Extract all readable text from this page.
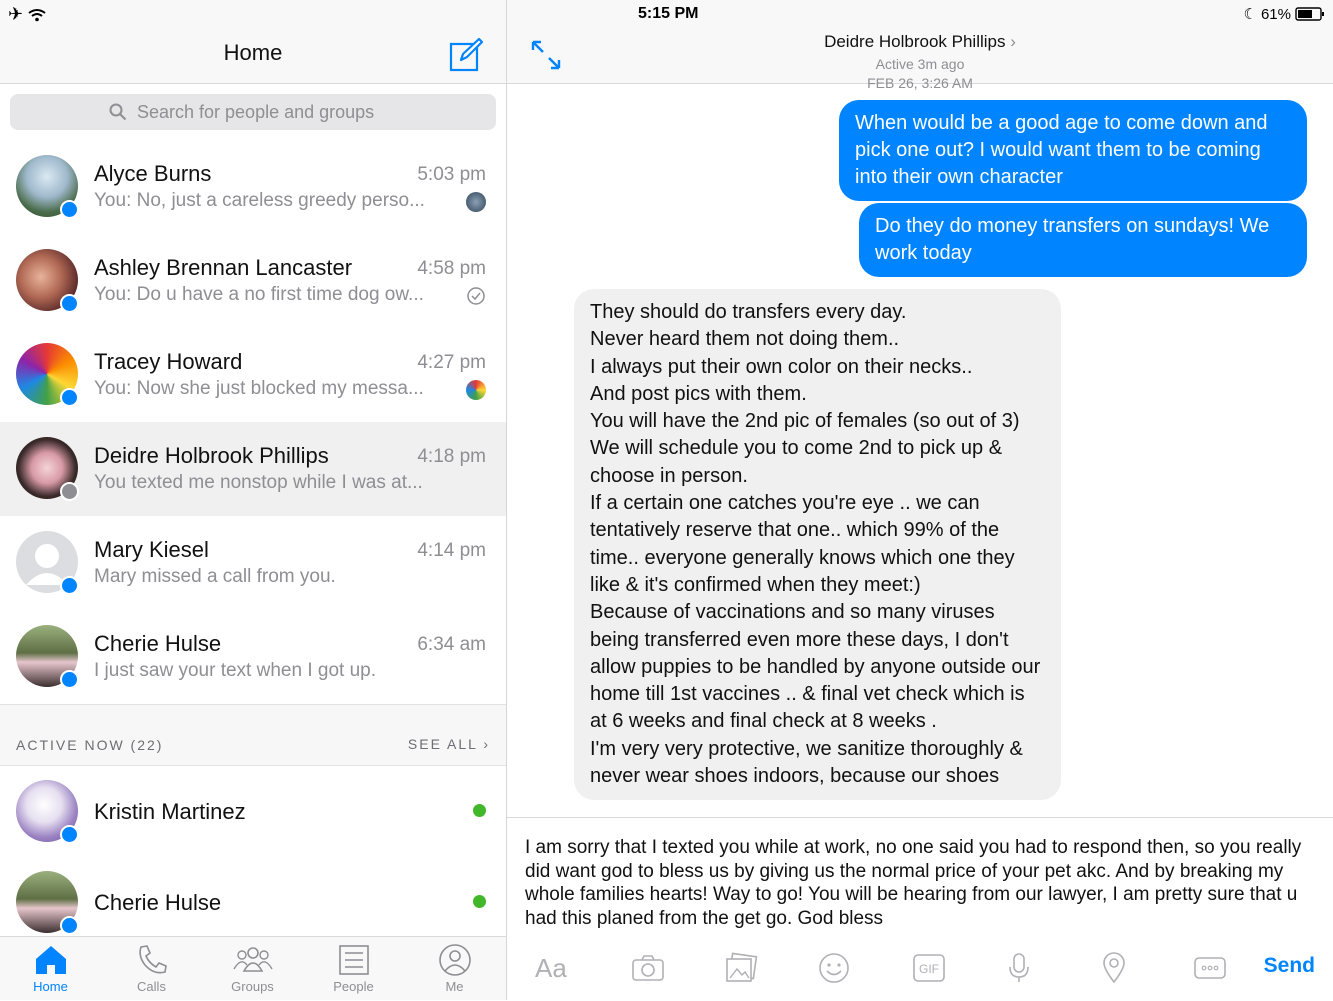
✈
Home
Search for people and groups
Alyce Burns	5:03 pm
You: No, just a careless greedy perso...
Ashley Brennan Lancaster	4:58 pm
You: Do u have a no first time dog ow...
Tracey Howard	4:27 pm
You: Now she just blocked my messa...
Deidre Holbrook Phillips	4:18 pm
You texted me nonstop while I was at...
Mary Kiesel	4:14 pm
Mary missed a call from you.
Cherie Hulse	6:34 am
I just saw your text when I got up.
ACTIVE NOW (22)	SEE ALL ›
Kristin Martinez
Cherie Hulse
Home	Calls	Groups	People	Me
5:15 PM	☾ 61%
Deidre Holbrook Phillips ›
Active 3m ago
FEB 26, 3:26 AM
When would be a good age to come down and pick one out? I would want them to be coming into their own character
Do they do money transfers on sundays! We work today
They should do transfers every day.
Never heard them not doing them..
I always put their own color on their necks..
And post pics with them.
You will have the 2nd pic of females (so out of 3)
We will schedule you to come 2nd to pick up & choose in person.
If a certain one catches you're eye .. we can tentatively reserve that one.. which 99% of the time.. everyone generally knows which one they like & it's confirmed when they meet:)
Because of vaccinations and so many viruses being transferred even more these days, I don't allow puppies to be handled by anyone outside our home till 1st vaccines .. & final vet check which is at 6 weeks and final check at 8 weeks .
I'm very very protective, we sanitize thoroughly & never wear shoes indoors, because our shoes
I am sorry that I texted you while at work, no one said you had to respond then, so you really did want god to bless us by giving us the normal price of your pet akc. And by breaking my whole families hearts! Way to go! You will be hearing from our lawyer, I am pretty sure that u had this planed from the get go. God bless
Aa	GIF	Send
